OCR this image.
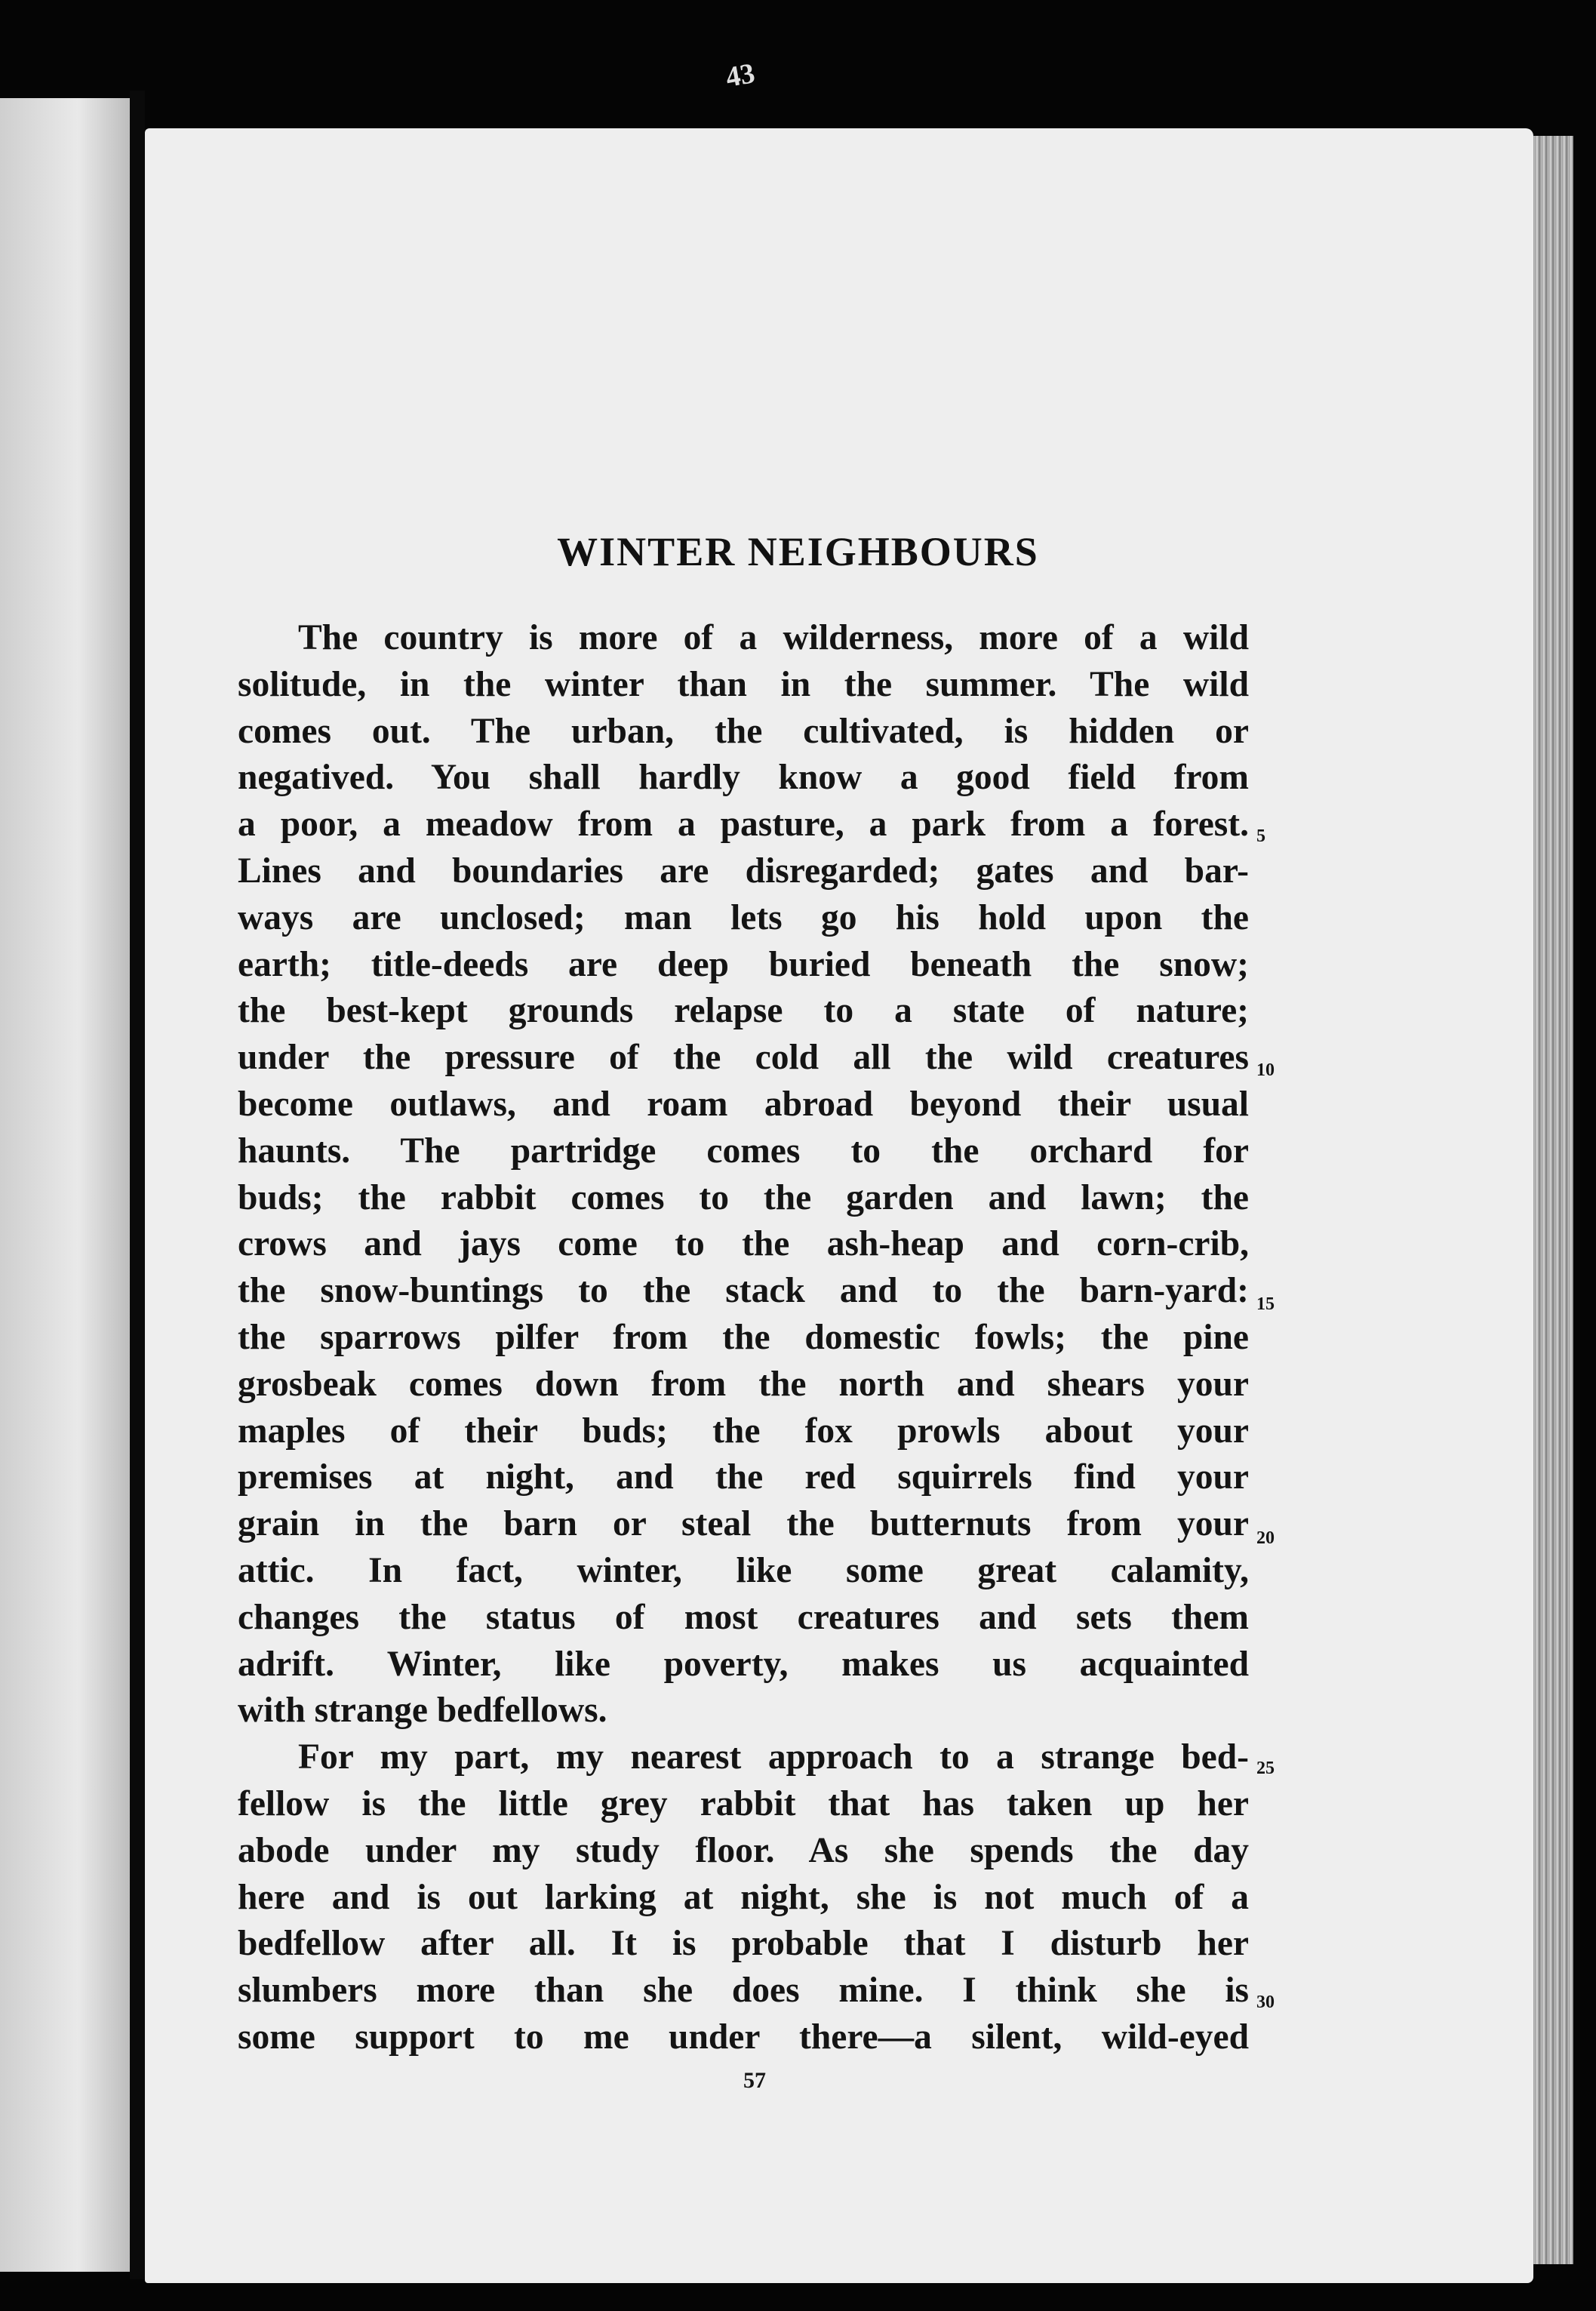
43
WINTER NEIGHBOURS
The country is more of a wilderness, more of a wild
solitude, in the winter than in the summer. The wild
comes out. The urban, the cultivated, is hidden or
negatived. You shall hardly know a good field from
a poor, a meadow from a pasture, a park from a forest.
Lines and boundaries are disregarded; gates and bar-
ways are unclosed; man lets go his hold upon the
earth; title-deeds are deep buried beneath the snow;
the best-kept grounds relapse to a state of nature;
under the pressure of the cold all the wild creatures
become outlaws, and roam abroad beyond their usual
haunts. The partridge comes to the orchard for
buds; the rabbit comes to the garden and lawn; the
crows and jays come to the ash-heap and corn-crib,
the snow-buntings to the stack and to the barn-yard:
the sparrows pilfer from the domestic fowls; the pine
grosbeak comes down from the north and shears your
maples of their buds; the fox prowls about your
premises at night, and the red squirrels find your
grain in the barn or steal the butternuts from your
attic. In fact, winter, like some great calamity,
changes the status of most creatures and sets them
adrift. Winter, like poverty, makes us acquainted
with strange bedfellows.
For my part, my nearest approach to a strange bed-
fellow is the little grey rabbit that has taken up her
abode under my study floor. As she spends the day
here and is out larking at night, she is not much of a
bedfellow after all. It is probable that I disturb her
slumbers more than she does mine. I think she is
some support to me under there—a silent, wild-eyed
5
10
15
20
25
30
57
